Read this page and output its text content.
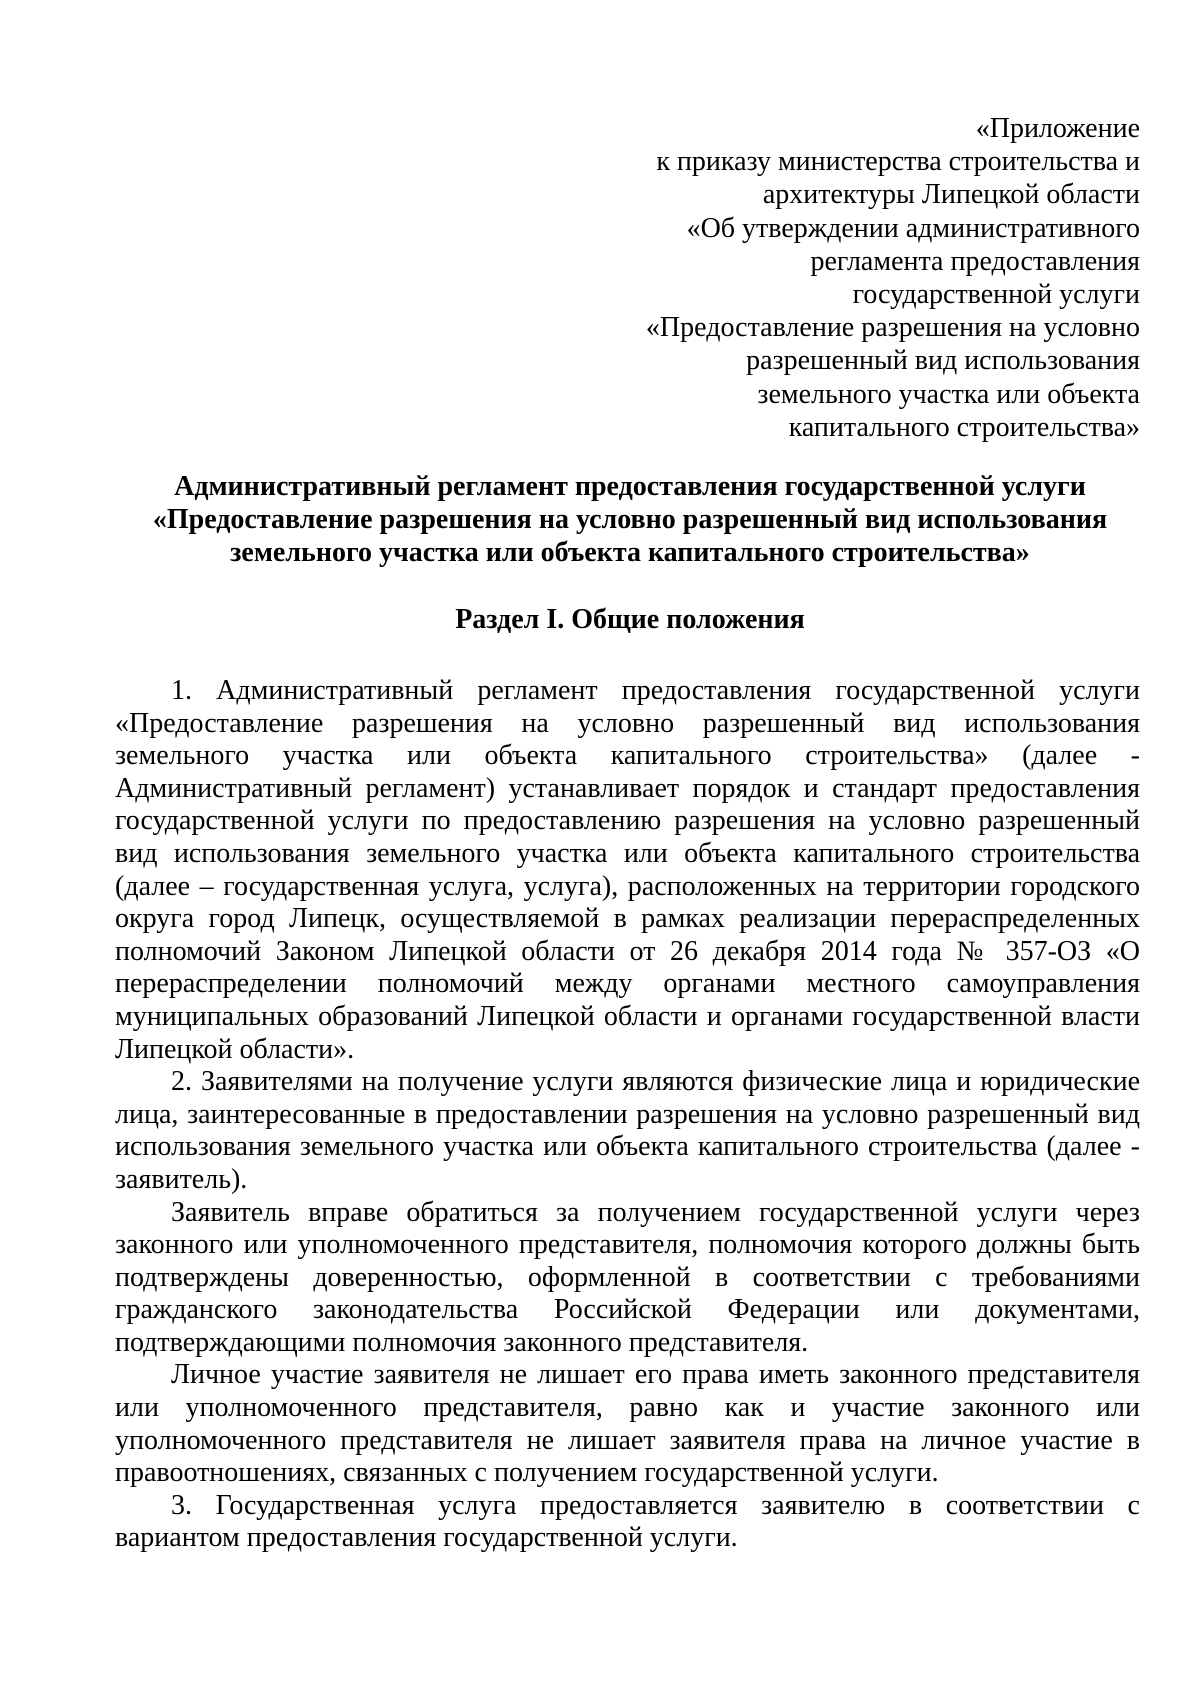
«Приложение
к приказу министерства строительства и
архитектуры Липецкой области
«Об утверждении административного
регламента предоставления
государственной услуги
«Предоставление разрешения на условно
разрешенный вид использования
земельного участка или объекта
капитального строительства»
Административный регламент предоставления государственной услуги
«Предоставление разрешения на условно разрешенный вид использования
земельного участка или объекта капитального строительства»
Раздел I. Общие положения

1. Административный регламент предоставления государственной услуги «Предоставление разрешения на условно разрешенный вид использования земельного участка или объекта капитального строительства» (далее - Административный регламент) устанавливает порядок и стандарт предоставления государственной услуги по предоставлению разрешения на условно разрешенный вид использования земельного участка или объекта капитального строительства (далее – государственная услуга, услуга), расположенных на территории городского округа город Липецк, осуществляемой в рамках реализации перераспределенных полномочий Законом Липецкой области от 26 декабря 2014 года № 357-ОЗ «О перераспределении полномочий между органами местного самоуправления муниципальных образований Липецкой области и органами государственной власти Липецкой области».

2. Заявителями на получение услуги являются физические лица и юридические лица, заинтересованные в предоставлении разрешения на условно разрешенный вид использования земельного участка или объекта капитального строительства (далее - заявитель).

Заявитель вправе обратиться за получением государственной услуги через законного или уполномоченного представителя, полномочия которого должны быть подтверждены доверенностью, оформленной в соответствии с требованиями гражданского законодательства Российской Федерации или документами, подтверждающими полномочия законного представителя.

Личное участие заявителя не лишает его права иметь законного представителя или уполномоченного представителя, равно как и участие законного или уполномоченного представителя не лишает заявителя права на личное участие в правоотношениях, связанных с получением государственной услуги.

3. Государственная услуга предоставляется заявителю в соответствии с вариантом предоставления государственной услуги.
